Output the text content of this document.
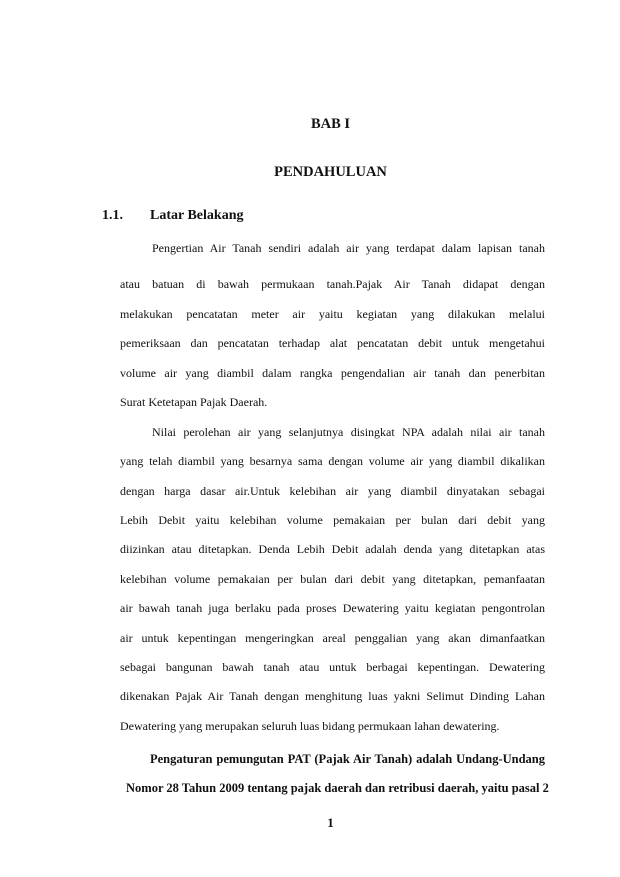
BAB I
PENDAHULUAN
1.1. Latar Belakang
Pengertian Air Tanah sendiri adalah air yang terdapat dalam lapisan tanah
atau batuan di bawah permukaan tanah.Pajak Air Tanah didapat dengan
melakukan pencatatan meter air yaitu kegiatan yang dilakukan melalui
pemeriksaan dan pencatatan terhadap alat pencatatan debit untuk mengetahui
volume air yang diambil dalam rangka pengendalian air tanah dan penerbitan
Surat Ketetapan Pajak Daerah.
Nilai perolehan air yang selanjutnya disingkat NPA adalah nilai air tanah
yang telah diambil yang besarnya sama dengan volume air yang diambil dikalikan
dengan harga dasar air.Untuk kelebihan air yang diambil dinyatakan sebagai
Lebih Debit yaitu kelebihan volume pemakaian per bulan dari debit yang
diizinkan atau ditetapkan. Denda Lebih Debit adalah denda yang ditetapkan atas
kelebihan volume pemakaian per bulan dari debit yang ditetapkan, pemanfaatan
air bawah tanah juga berlaku pada proses Dewatering yaitu kegiatan pengontrolan
air untuk kepentingan mengeringkan areal penggalian yang akan dimanfaatkan
sebagai bangunan bawah tanah atau untuk berbagai kepentingan. Dewatering
dikenakan Pajak Air Tanah dengan menghitung luas yakni Selimut Dinding Lahan
Dewatering yang merupakan seluruh luas bidang permukaan lahan dewatering.
Pengaturan pemungutan PAT (Pajak Air Tanah) adalah Undang-Undang
Nomor 28 Tahun 2009 tentang pajak daerah dan retribusi daerah, yaitu pasal 2
1
